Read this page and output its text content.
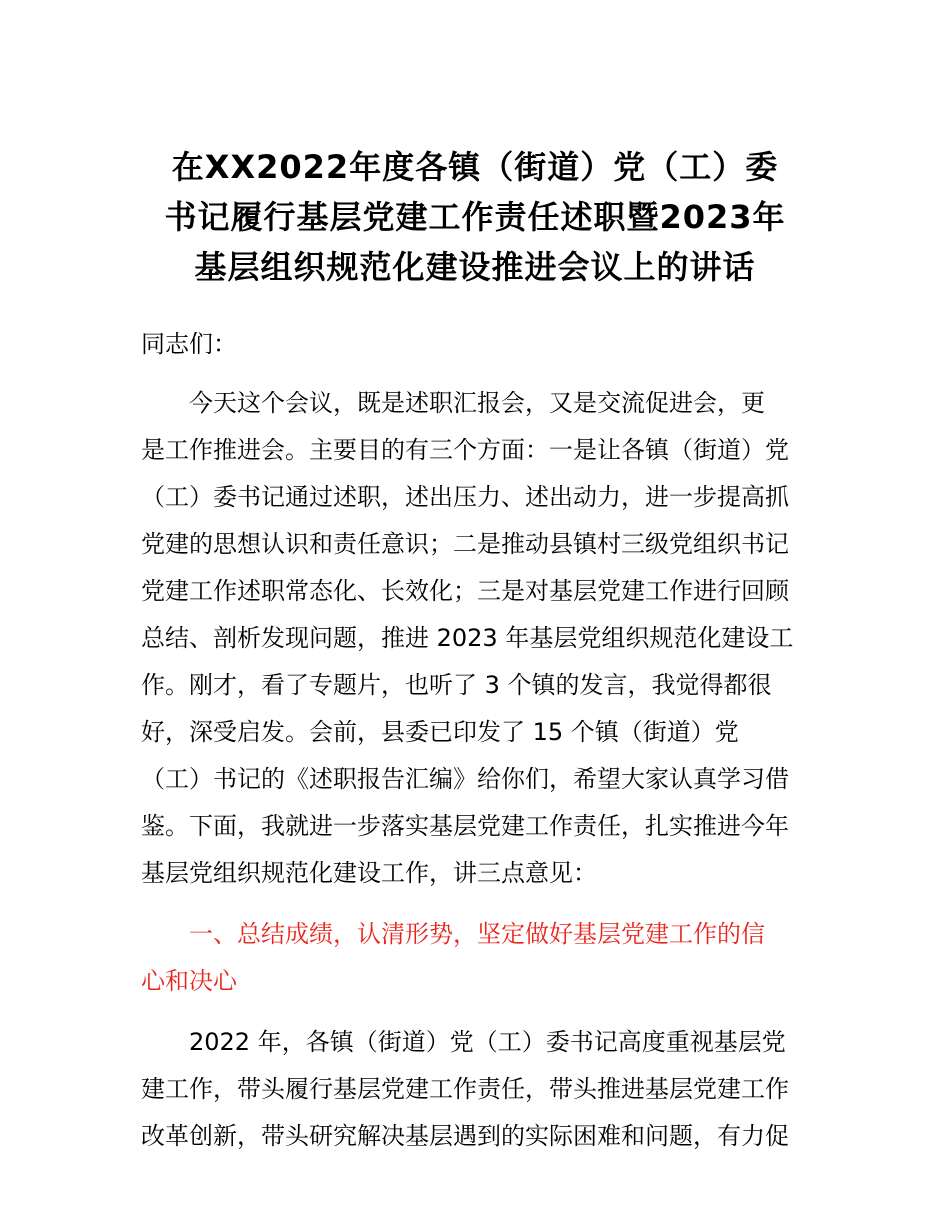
在XX2022年度各镇（街道）党（工）委
书记履行基层党建工作责任述职暨2023年
基层组织规范化建设推进会议上的讲话
同志们：
今天这个会议，既是述职汇报会，又是交流促进会，更
是工作推进会。主要目的有三个方面：一是让各镇（街道）党
（工）委书记通过述职，述出压力、述出动力，进一步提高抓
党建的思想认识和责任意识；二是推动县镇村三级党组织书记
党建工作述职常态化、长效化；三是对基层党建工作进行回顾
总结、剖析发现问题，推进 2023 年基层党组织规范化建设工
作。刚才，看了专题片，也听了 3 个镇的发言，我觉得都很
好，深受启发。会前，县委已印发了 15 个镇（街道）党
（工）书记的《述职报告汇编》给你们，希望大家认真学习借
鉴。下面，我就进一步落实基层党建工作责任，扎实推进今年
基层党组织规范化建设工作，讲三点意见：
一、总结成绩，认清形势，坚定做好基层党建工作的信
心和决心
2022 年，各镇（街道）党（工）委书记高度重视基层党
建工作，带头履行基层党建工作责任，带头推进基层党建工作
改革创新，带头研究解决基层遇到的实际困难和问题，有力促
